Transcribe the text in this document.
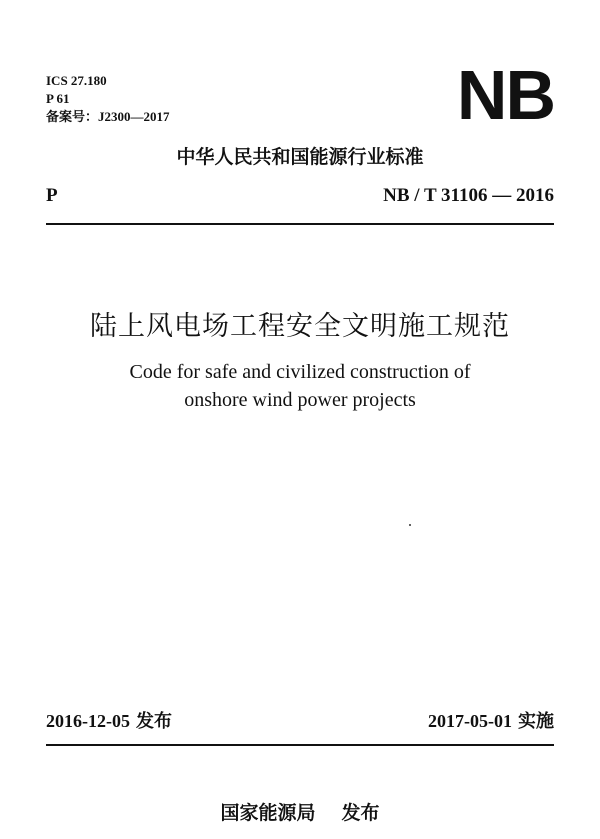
ICS 27.180
P 61
备案号：J2300—2017	NB
中华人民共和国能源行业标准
P	NB / T 31106 — 2016
陆上风电场工程安全文明施工规范
Code for safe and civilized construction of
onshore wind power projects
2016-12-05 发布	2017-05-01 实施
国家能源局 发布
